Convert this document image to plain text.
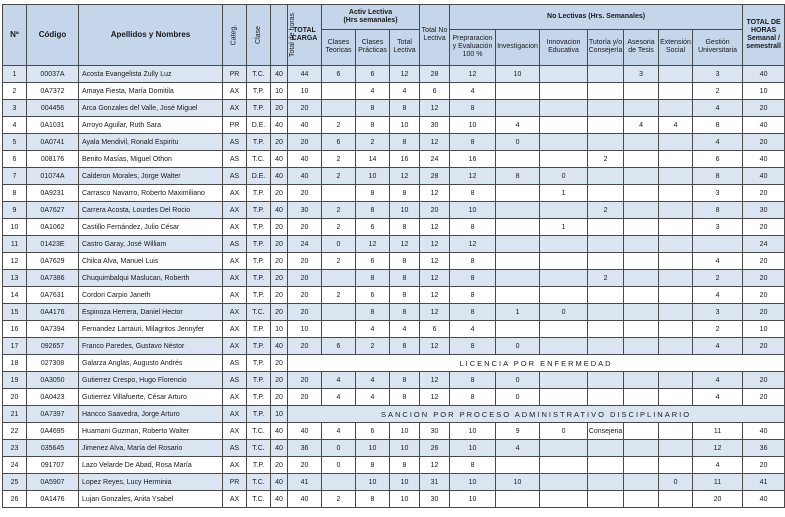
Nº	Código	Apellidos y Nombres	Categ.	Clase	Total de horas	TOTAL CARGA	Activ Lectiva
(Hrs semanales)			Total No Lectiva	No Lectivas (Hrs. Semanales)							TOTAL DE HORAS Semanal / semestrall
							Clases Teoricas	Clases Prácticas	Total Lectiva		Prepraracion y Evaluación 100 %	Investigacion	Innovacion Educativa	Tutoría y/o Consejería	Asesoria de Tesis	Extensión Social	Gestión Universitaria	
1	00037A	Acosta Evangelista Zully Luz	PR	T.C.	40	44	6	6	12	28	12	10			3		3	40
2	0A7372	Amaya Fiesta, María Domitila	AX	T.P.	10	10		4	4	6	4						2	10
3	004456	Arca Gonzales del Valle, José Miguel	AX	T.P.	20	20		8	8	12	8						4	20
4	0A1031	Arroyo Aguilar, Ruth Sara	PR	D.E.	40	40	2	8	10	30	10	4			4	4	8	40
5	0A0741	Ayala Mendivil, Ronald Espiritu	AS	T.P.	20	20	6	2	8	12	8	0					4	20
6	008176	Benito Masías, Miguel Othon	AS	T.C.	40	40	2	14	16	24	16			2			6	40
7	01074A	Calderon Morales, Jorge Walter	AS	D.E.	40	40	2	10	12	28	12	8	0				8	40
8	0A9231	Carrasco Navarro, Roberto Maximiliano	AX	T.P.	20	20		8	8	12	8		1				3	20
9	0A7627	Carrera Acosta, Lourdes Del Rocio	AX	T.P.	40	30	2	8	10	20	10			2			8	30
10	0A1062	Castillo Fernández, Julio César	AX	T.P.	20	20	2	6	8	12	8		1				3	20
11	01423E	Castro Garay, José William	AS	T.P.	20	24	0	12	12	12	12							24
12	0A7629	Chilca Alva, Manuel Luis	AX	T.P.	20	20	2	6	8	12	8						4	20
13	0A7386	Chuquimbalqui Maslucan, Roberth	AX	T.P.	20	20		8	8	12	8			2			2	20
14	0A7631	Cordori Carpio Janeth	AX	T.P.	20	20	2	6	8	12	8						4	20
15	0A4176	Espinoza Herrera, Daniel Hector	AX	T.C.	20	20		8	8	12	8	1	0				3	20
16	0A7394	Fernandez Larrauri, Milagritos Jennyfer	AX	T.P.	10	10		4	4	6	4						2	10
17	092657	Franco Paredes, Gustavo Néstor	AX	T.P.	40	20	6	2	8	12	8	0					4	20
18	027308	Galarza Anglas, Augusto Andrés	AS	T.P.	20	LICENCIA POR ENFERMEDAD												
19	0A3050	Gutierrez Crespo, Hugo Florencio	AS	T.P.	20	20	4	4	8	12	8	0					4	20
20	0A0423	Gutierrez Villafuerte, César Arturo	AX	T.P.	20	20	4	4	8	12	8	0					4	20
21	0A7397	Hancco Saavedra, Jorge Arturo	AX	T.P.	10	SANCION POR PROCESO ADMINISTRATIVO DISCIPLINARIO												
22	0A4695	Huamani Guzman, Roberto Walter	AX	T.C.	40	40	4	6	10	30	10	9	0	Consejeria			11	40
23	035645	Jimenez Alva, María del Rosario	AS	T.C.	40	36	0	10	10	26	10	4					12	36
24	091707	Lazo Velarde De Abad, Rosa María	AX	T.P.	20	20	0	8	8	12	8						4	20
25	0A5907	Lopez Reyes, Lucy Herminia	PR	T.C.	40	41		10	10	31	10	10				0	11	41
26	0A1476	Lujan Gonzales, Anita Ysabel	AX	T.C.	40	40	2	8	10	30	10						20	40
